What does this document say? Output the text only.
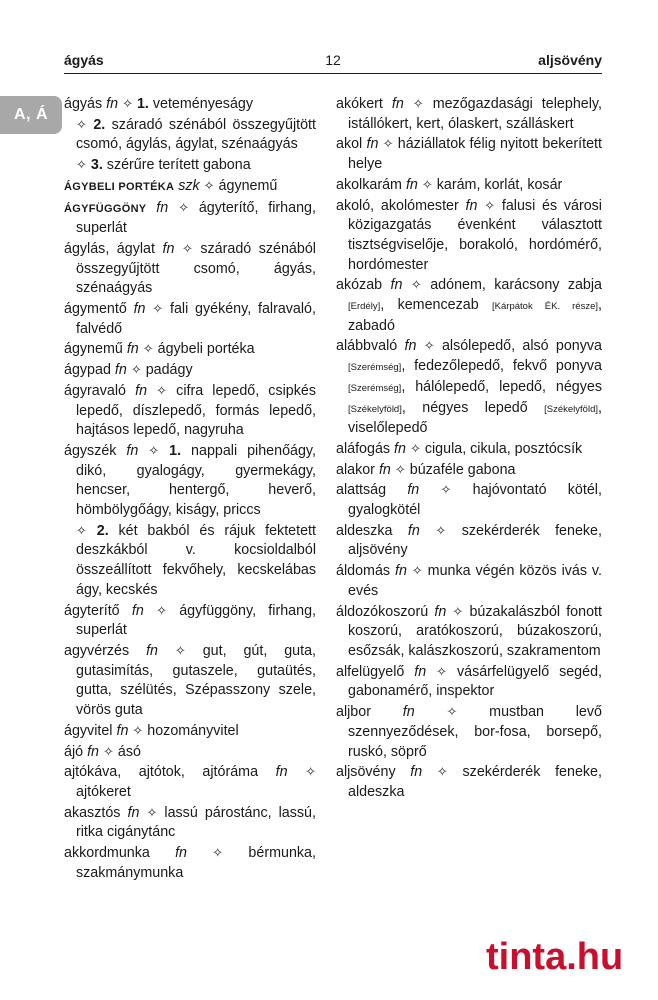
ágyás	12	aljsövény
A, Á

ágyás fn ✧ 1. veteményeságy
✧ 2. száradó szénából összegyűjtött csomó, ágylás, ágylat, szénaágyás
✧ 3. szérűre terített gabona

ÁGYBELI PORTÉKA szk ✧ ágynemű

ÁGYFÜGGÖNY fn ✧ ágyterítő, firhang, superlát

ágylás, ágylat fn ✧ száradó szénából összegyűjtött csomó, ágyás, szénaágyás

ágymentő fn ✧ fali gyékény, falravaló, falvédő

ágynemű fn ✧ ágybeli portéka

ágypad fn ✧ padágy

ágyravaló fn ✧ cifra lepedő, csipkés lepedő, díszlepedő, formás lepedő, hajtásos lepedő, nagyruha

ágyszék fn ✧ 1. nappali pihenőágy, dikó, gyalogágy, gyermekágy, hencser, hentergő, heverő, hömbölygőágy, kiságy, priccs
✧ 2. két bakból és rájuk fektetett deszkákból v. kocsioldalból összeállított fekvőhely, kecskelábas ágy, kecskés

ágyterítő fn ✧ ágyfüggöny, firhang, superlát

agyvérzés fn ✧ gut, gút, guta, gutasimítás, gutaszele, gutaütés, gutta, szélütés, Szépasszony szele, vörös guta

ágyvitel fn ✧ hozományvitel

ájó fn ✧ ásó

ajtókáva, ajtótok, ajtóráma fn ✧ ajtókeret

akasztós fn ✧ lassú párostánc, lassú, ritka cigánytánc

akkordmunka fn ✧ bérmunka, szakmánymunka

akókert fn ✧ mezőgazdasági telephely, istállókert, kert, ólaskert, szálláskert

akol fn ✧ háziállatok félig nyitott bekerített helye

akolkarám fn ✧ karám, korlát, kosár

akoló, akolómester fn ✧ falusi és városi közigazgatás évenként választott tisztségviselője, borakoló, hordómérő, hordómester

akózab fn ✧ adónem, karácsony zabja [Erdély], kemencezab [Kárpátok ÉK. része], zabadó

alábbvaló fn ✧ alsólepedő, alsó ponyva [Szerémség], fedezőlepedő, fekvő ponyva [Szerémség], hálólepedő, lepedő, négyes [Székelyföld], négyes lepedő [Székelyföld], viselőlepedő

aláfogás fn ✧ cigula, cikula, posztócsík

alakor fn ✧ búzaféle gabona

alattság fn ✧ hajóvontató kötél, gyalogkötél

aldeszka fn ✧ szekérderék feneke, aljsövény

áldomás fn ✧ munka végén közös ivás v. evés

áldozókoszorú fn ✧ búzakalászból fonott koszorú, aratókoszorú, búzakoszorú, esőzsák, kalászkoszorú, szakramentom

alfelügyelő fn ✧ vásárfelügyelő segéd, gabonamérő, inspektor

aljbor fn ✧ mustban levő szennyeződések, bor-fosa, borsepő, ruskó, söprő

aljsövény fn ✧ szekérderék feneke, aldeszka

tinta.hu
